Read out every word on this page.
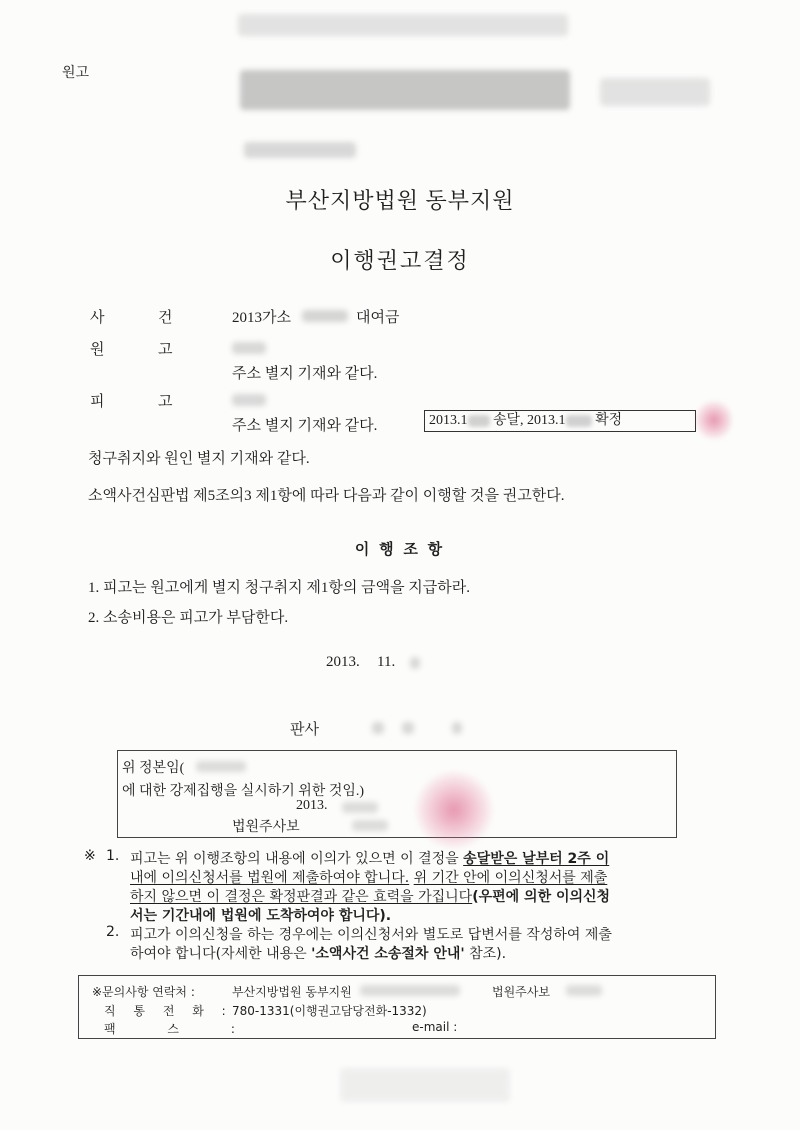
원고
부산지방법원 동부지원
이행권고결정
사	건	2013가소	대여금
원	고
주소 별지 기재와 같다.
피	고
주소 별지 기재와 같다.	2013.1 송달, 2013.1 확정
청구취지와 원인 별지 기재와 같다.
소액사건심판법 제5조의3 제1항에 따라 다음과 같이 이행할 것을 권고한다.
이 행 조 항
1. 피고는 원고에게 별지 청구취지 제1항의 금액을 지급하라.
2. 소송비용은 피고가 부담한다.
2013. 11.
판사
위 정본임(
에 대한 강제집행을 실시하기 위한 것임.)
2013.
법원주사보
※ 1. 피고는 위 이행조항의 내용에 이의가 있으면 이 결정을 송달받은 날부터 2주 이
내에 이의신청서를 법원에 제출하여야 합니다. 위 기간 안에 이의신청서를 제출
하지 않으면 이 결정은 확정판결과 같은 효력을 가집니다(우편에 의한 이의신청
서는 기간내에 법원에 도착하여야 합니다).
2. 피고가 이의신청을 하는 경우에는 이의신청서와 별도로 답변서를 작성하여 제출
하여야 합니다(자세한 내용은 '소액사건 소송절차 안내' 참조).
※문의사항 연락처 :	부산지방법원 동부지원	법원주사보
직 통 전 화 : 780-1331(이행권고담당전화-1332)
팩 스 :	e-mail :
